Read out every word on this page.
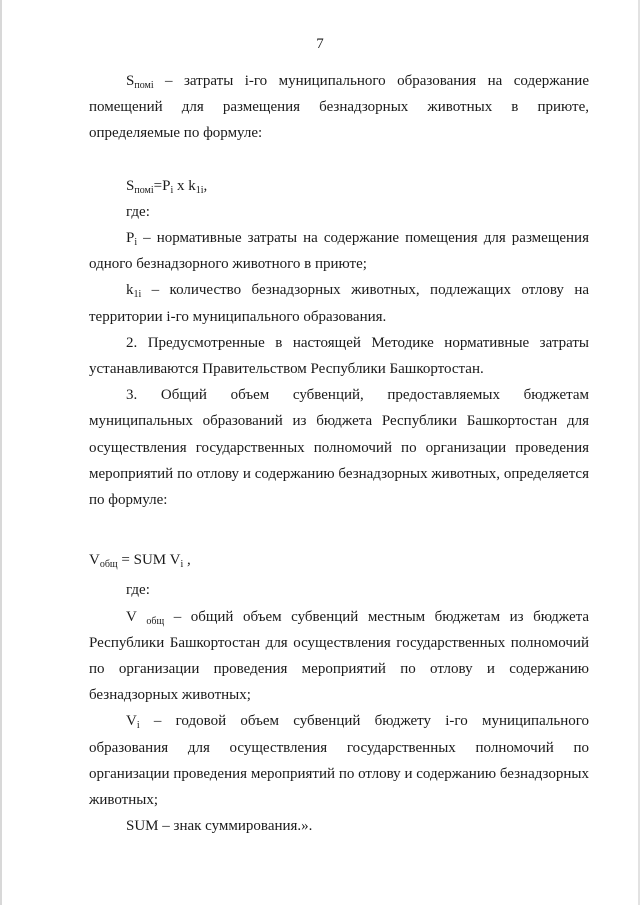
7

$S_{помі}$ – затраты і-го муниципального образования на содержание помещений для размещения безнадзорных животных в приюте, определяемые по формуле:

$S_{помі}=P_i$ x $k_{1i}$,

где:

$P_i$ – нормативные затраты на содержание помещения для размещения одного безнадзорного животного в приюте;

$k_{1i}$ – количество безнадзорных животных, подлежащих отлову на территории і-го муниципального образования.

2. Предусмотренные в настоящей Методике нормативные затраты устанавливаются Правительством Республики Башкортостан.

3. Общий объем субвенций, предоставляемых бюджетам муниципальных образований из бюджета Республики Башкортостан для осуществления государственных полномочий по организации проведения мероприятий по отлову и содержанию безнадзорных животных, определяется по формуле:

$V_{общ}$ = SUM $V_i$ ,

где:

V $_{общ}$ – общий объем субвенций местным бюджетам из бюджета Республики Башкортостан для осуществления государственных полномочий по организации проведения мероприятий по отлову и содержанию безнадзорных животных;

$V_i$ – годовой объем субвенций бюджету і-го муниципального образования для осуществления государственных полномочий по организации проведения мероприятий по отлову и содержанию безнадзорных животных;

SUM – знак суммирования.».
